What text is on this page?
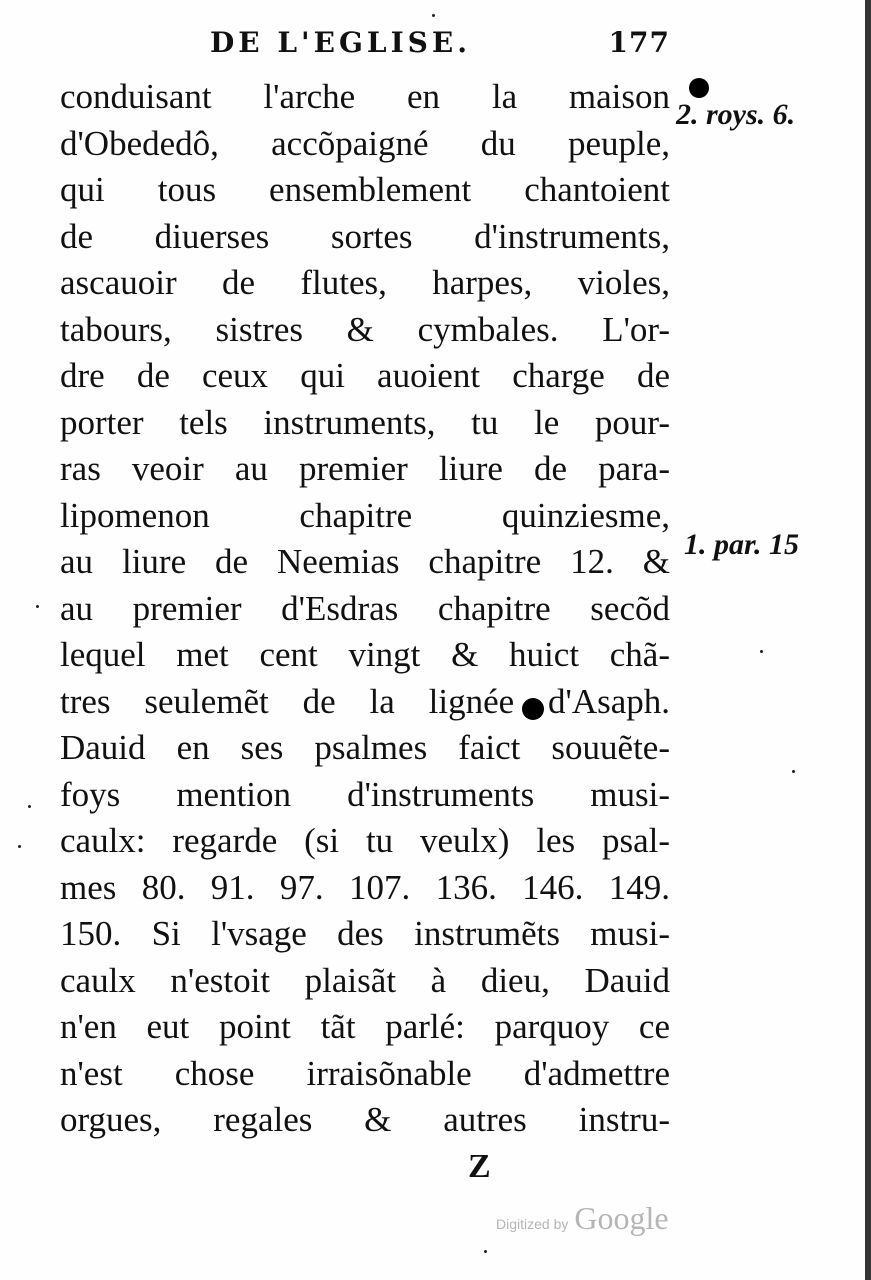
DE L'EGLISE.	177
2. roys. 6.
1. par. 15
conduisant l'arche en la maison
d'Obededô, accõpaigné du peuple,
qui tous ensemblement chantoient
de diuerses sortes d'instruments,
ascauoir de flutes, harpes, violes,
tabours, sistres & cymbales. L'or-
dre de ceux qui auoient charge de
porter tels instruments, tu le pour-
ras veoir au premier liure de para-
lipomenon chapitre quinziesme,
au liure de Neemias chapitre 12. &
au premier d'Esdras chapitre secõd
lequel met cent vingt & huict chã-
tres seulemẽt de la lignée d'Asaph.
Dauid en ses psalmes faict souuẽte-
foys mention d'instruments musi-
caulx: regarde (si tu veulx) les psal-
mes 80. 91. 97. 107. 136. 146. 149.
150. Si l'vsage des instrumẽts musi-
caulx n'estoit plaisãt à dieu, Dauid
n'en eut point tãt parlé: parquoy ce
n'est chose irraisõnable d'admettre
orgues, regales & autres instru-
Z
Digitized by Google
